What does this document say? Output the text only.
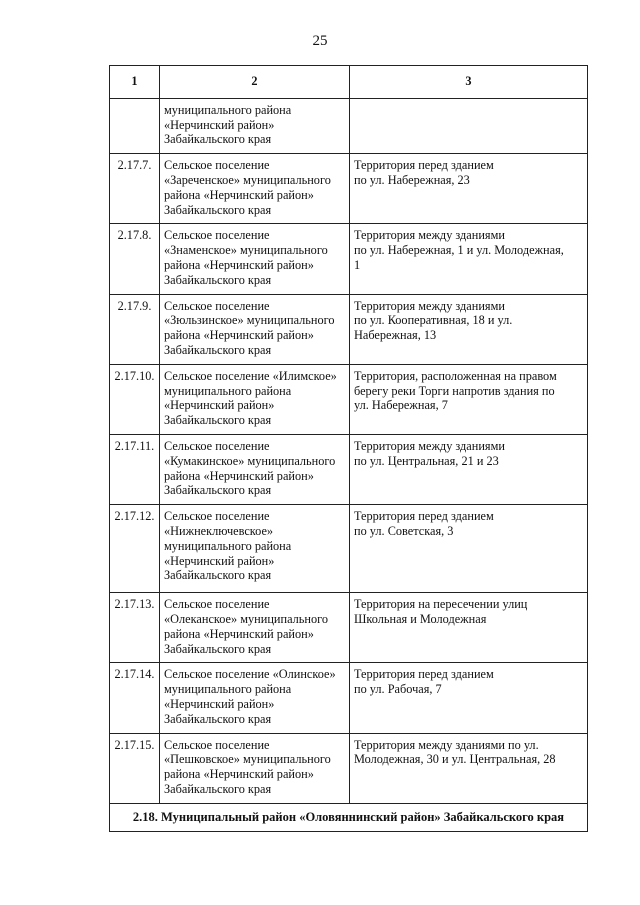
25
1	2	3

	муниципального района
«Нерчинский район»
Забайкальского края	

2.17.7.	Сельское поселение
«Зареченское» муниципального
района «Нерчинский район»
Забайкальского края	Территория перед зданием
по ул. Набережная, 23

2.17.8.	Сельское поселение
«Знаменское» муниципального
района «Нерчинский район»
Забайкальского края	Территория между зданиями
по ул. Набережная, 1 и ул. Молодежная,
1

2.17.9.	Сельское поселение
«Зюльзинское» муниципального
района «Нерчинский район»
Забайкальского края	Территория между зданиями
по ул. Кооперативная, 18 и ул.
Набережная, 13

2.17.10.	Сельское поселение «Илимское»
муниципального района
«Нерчинский район»
Забайкальского края	Территория, расположенная на правом
берегу реки Торги напротив здания по
ул. Набережная, 7

2.17.11.	Сельское поселение
«Кумакинское» муниципального
района «Нерчинский район»
Забайкальского края	Территория между зданиями
по ул. Центральная, 21 и 23

2.17.12.	Сельское поселение
«Нижнеключевское»
муниципального района
«Нерчинский район»
Забайкальского края	Территория перед зданием
по ул. Советская, 3

2.17.13.	Сельское поселение
«Олеканское» муниципального
района «Нерчинский район»
Забайкальского края	Территория на пересечении улиц
Школьная и Молодежная

2.17.14.	Сельское поселение «Олинское»
муниципального района
«Нерчинский район»
Забайкальского края	Территория перед зданием
по ул. Рабочая, 7

2.17.15.	Сельское поселение
«Пешковское» муниципального
района «Нерчинский район»
Забайкальского края	Территория между зданиями по ул.
Молодежная, 30 и ул. Центральная, 28

2.18. Муниципальный район «Оловяннинский район» Забайкальского края		
